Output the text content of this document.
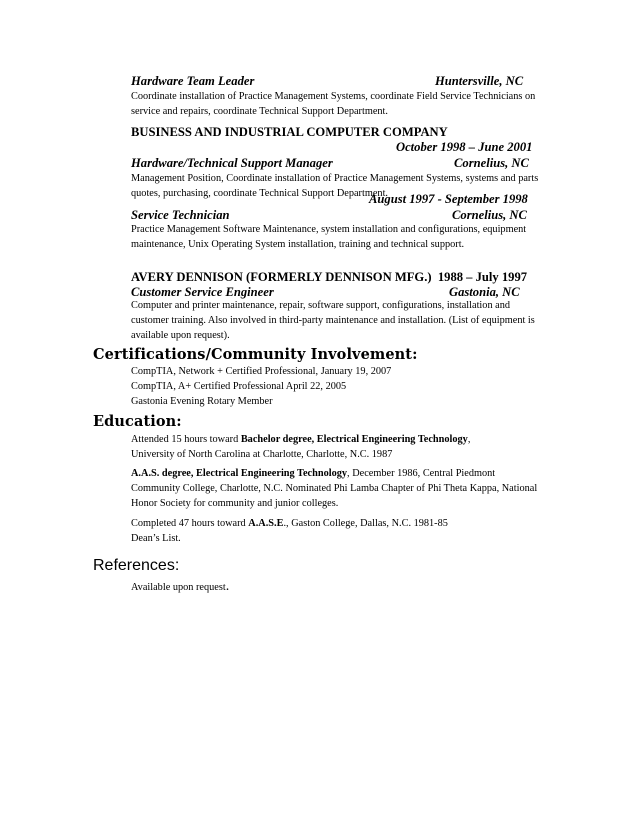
Hardware Team Leader	Huntersville, NC
Coordinate installation of Practice Management Systems, coordinate Field Service Technicians on
service and repairs, coordinate Technical Support Department.
BUSINESS AND INDUSTRIAL COMPUTER COMPANY
October 1998 – June 2001
Hardware/Technical Support Manager	Cornelius, NC
Management Position, Coordinate installation of Practice Management Systems, systems and parts
quotes, purchasing, coordinate Technical Support Department.
August 1997 - September 1998
Service Technician	Cornelius, NC
Practice Management Software Maintenance, system installation and configurations, equipment
maintenance, Unix Operating System installation, training and technical support.
AVERY DENNISON (FORMERLY DENNISON MFG.) 1988 – July 1997
Customer Service Engineer	Gastonia, NC
Computer and printer maintenance, repair, software support, configurations, installation and
customer training. Also involved in third-party maintenance and installation. (List of equipment is
available upon request).
Certifications/Community Involvement:
CompTIA, Network + Certified Professional, January 19, 2007
CompTIA, A+ Certified Professional April 22, 2005
Gastonia Evening Rotary Member
Education:
Attended 15 hours toward Bachelor degree, Electrical Engineering Technology,
University of North Carolina at Charlotte, Charlotte, N.C. 1987
A.A.S. degree, Electrical Engineering Technology, December 1986, Central Piedmont
Community College, Charlotte, N.C. Nominated Phi Lamba Chapter of Phi Theta Kappa, National
Honor Society for community and junior colleges.
Completed 47 hours toward A.A.S.E., Gaston College, Dallas, N.C. 1981-85
Dean’s List.
References:
Available upon request.
